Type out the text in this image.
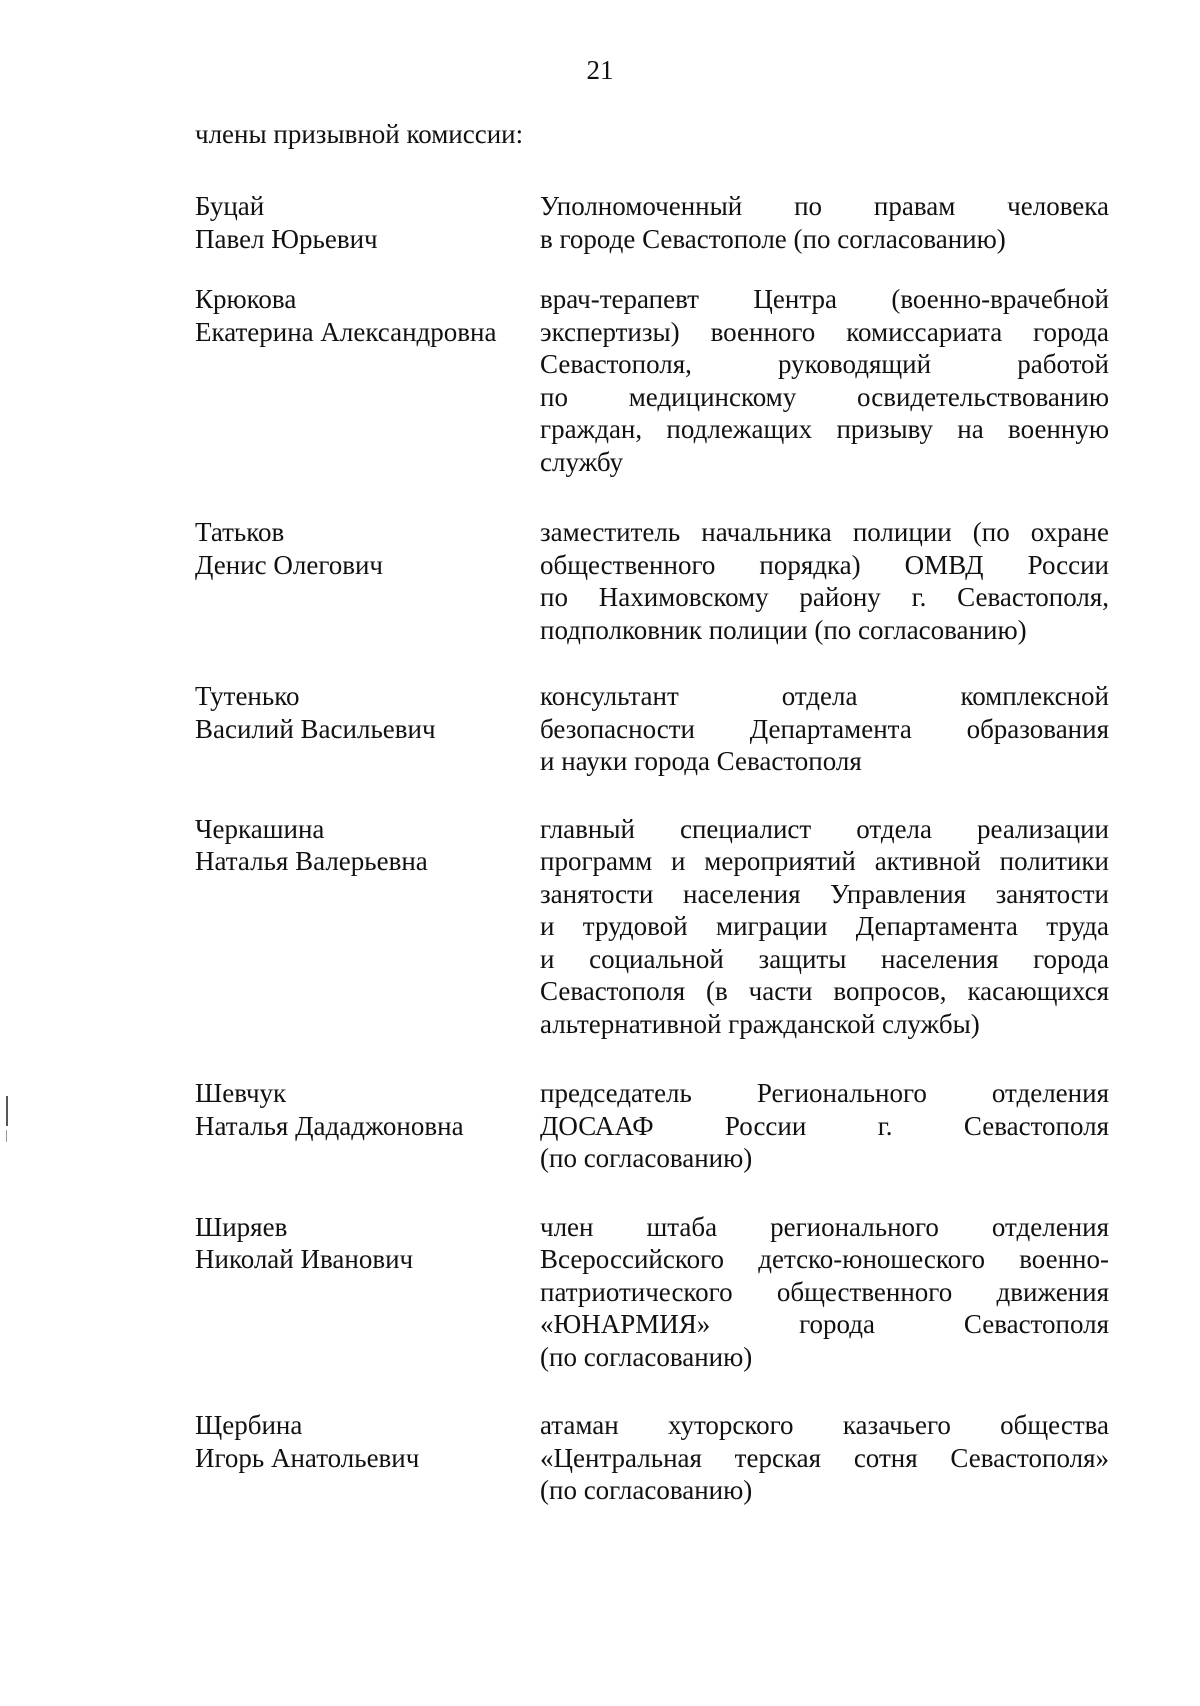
21
члены призывной комиссии:
Буцай
Павел Юрьевич
Уполномоченный по правам человека
в городе Севастополе (по согласованию)
Крюкова
Екатерина Александровна
врач-терапевт Центра (военно-врачебной
экспертизы) военного комиссариата города
Севастополя, руководящий работой
по медицинскому освидетельствованию
граждан, подлежащих призыву на военную
службу
Татьков
Денис Олегович
заместитель начальника полиции (по охране
общественного порядка) ОМВД России
по Нахимовскому району г. Севастополя,
подполковник полиции (по согласованию)
Тутенько
Василий Васильевич
консультант отдела комплексной
безопасности Департамента образования
и науки города Севастополя
Черкашина
Наталья Валерьевна
главный специалист отдела реализации
программ и мероприятий активной политики
занятости населения Управления занятости
и трудовой миграции Департамента труда
и социальной защиты населения города
Севастополя (в части вопросов, касающихся
альтернативной гражданской службы)
Шевчук
Наталья Дададжоновна
председатель Регионального отделения
ДОСААФ России г. Севастополя
(по согласованию)
Ширяев
Николай Иванович
член штаба регионального отделения
Всероссийского детско-юношеского военно-
патриотического общественного движения
«ЮНАРМИЯ» города Севастополя
(по согласованию)
Щербина
Игорь Анатольевич
атаман хуторского казачьего общества
«Центральная терская сотня Севастополя»
(по согласованию)
